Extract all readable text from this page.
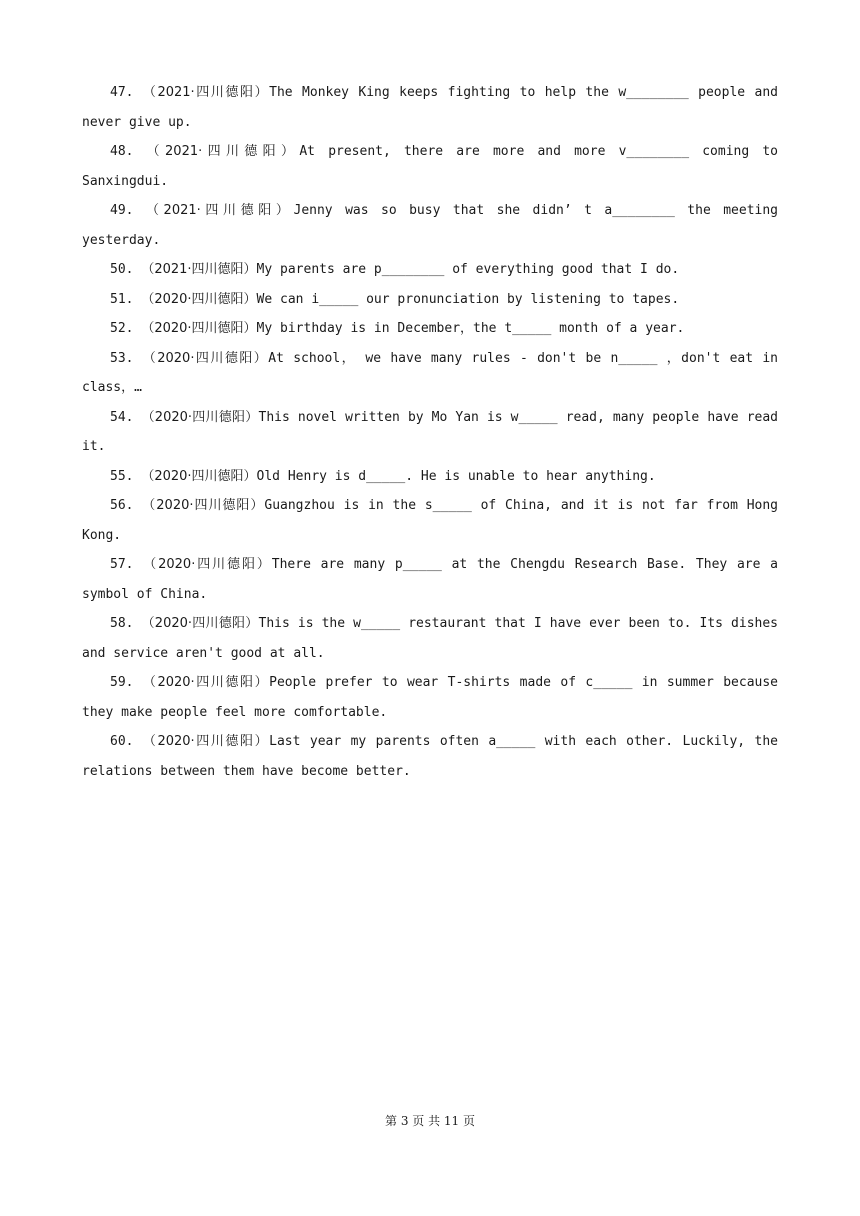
47. （2021·四川德阳）The Monkey King keeps fighting to help the w________ people and never give up.

48. （2021·四川德阳）At present, there are more and more v________ coming to Sanxingdui.

49. （2021·四川德阳）Jenny was so busy that she didn’ t a________ the meeting yesterday.

50. （2021·四川德阳）My parents are p________ of everything good that I do.

51. （2020·四川德阳）We can i_____ our pronunciation by listening to tapes.

52. （2020·四川德阳）My birthday is in December，the t_____ month of a year.

53. （2020·四川德阳）At school， we have many rules - don't be n_____ ，don't eat in class，…

54. （2020·四川德阳）This novel written by Mo Yan is w_____ read, many people have read it.

55. （2020·四川德阳）Old Henry is d_____. He is unable to hear anything.

56. （2020·四川德阳）Guangzhou is in the s_____ of China, and it is not far from Hong Kong.

57. （2020·四川德阳）There are many p_____ at the Chengdu Research Base. They are a symbol of China.

58. （2020·四川德阳）This is the w_____ restaurant that I have ever been to. Its dishes and service aren't good at all.

59. （2020·四川德阳）People prefer to wear T-shirts made of c_____ in summer because they make people feel more comfortable.

60. （2020·四川德阳）Last year my parents often a_____ with each other. Luckily, the relations between them have become better.

第 3 页 共 11 页
